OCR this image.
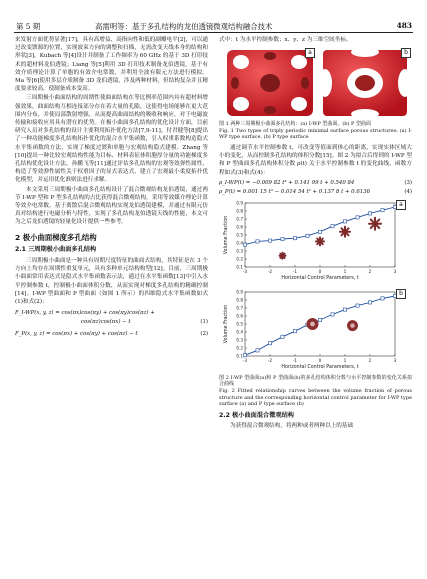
第 5 期	高需明等：基于多孔结构的龙伯透镜微观结构融合技术	483

来发射方面优势显著[17]，具有高增益、高指向性和低的副瓣电平[2]，可以通过改变馈源的位置，实现波束方向的调整和扫描，无需改变天线本身的结构和形状[3]。Kubach 等[4]设计并制备了工作频率为 60 GHz 的基于 3D 打印技术的超材料龙伯透镜；Liang 等[5]利用 3D 打印技术制备龙伯透镜，基于有效介质理论计算了单胞的有效介电常数，并利用全波有限元方法进行模拟。Ma 等[6]使用多层介质制备 3D 龙伯透镜，涉及两种材料，但结构复杂并且精度要求较高，使制备成本变高。

三周期极小曲面结构的周期性使曲面结构在等比例率范围内具有超材料增强效果，曲面结构互相连接部分存在着大量的孔隙，这使得电场能够在更大范围内分布，并使局部散射增强，从而提高曲面结构的吸收和响应，对于电磁波传输和接收应用具有潜在的优势。在极小曲面多孔结构的优化设计方面，目前研究人员对多孔结构的设计主要利用拓扑优化方法[7,9-11]。付君健等[8]提出了一种功能梯度多孔结构拓扑优化的混合水平集函数，引入权重系数构造隐式水平集函数的方法，实现了梯度过渡和单胞与宏观结构隐式建模。Zhang 等[10]提出一种比较宏观结构性能为目标、材料表征体积胞厚分量的功能梯度多孔结构优化设计方法，孙鹏飞等[11]通过评估多孔结构的宏观等效弹性属性，构造了等效弹性属性关于权重因子的显式表达式，建立了宏观最小柔度拓扑优化模型，并运用优化准则法进行求解。

本文采用三周期极小曲面多孔结构设计了混合微观结构龙伯透镜，通过两节 I-WP 型和 P 型多孔结构的占比获得混合微观结构，采用等效媒介理论计算等效介电常数，基于离散后混合微观结构实现龙伯透镜建模，并通过有限元仿真对结构进行电磁分析与特性，实现了多孔结构龙伯透镜天线的性能，本文可为之后龙伯透镜的轻量化设计提供一些参考。

2 极小曲面梯度多孔结构

2.1 三周期极小曲面多孔结构

三周期极小曲面是一种具有周期尺度特征的曲面式结构，其特征是在 3 个方向上均存在周期性重复单元，具有多种单元结构构型[12]。目前，三周期极小曲面常用表达式是隐式水平集函数表示法，通过在水平集函数[13]中引入水平控制参数 t，控制极小曲面体积分数，从而实现对梯度多孔结构的精确控制[14]。I-WP 型曲面和 P 型曲面（如图 1 所示）的四维隐式水平集函数如式(1)和式(2)：

F_I-WP(x, y, z) = cos(πx)cos(πy) + cos(πy)cos(πz) +
cos(πz)cos(πx) − t	(1)
F_P(x, y, z) = cos(πx) + cos(πy) + cos(πz) − t	(2)

式中：t 为水平控制参数；x、y、z 为三维空间坐标。

a	b

图 1 两种三周期极小曲面多孔结构：(a) I-WP 型曲面，(b) P 型曲面

Fig. 1 Two types of triply periodic minimal surface porous structures: (a) I-WP type surface, (b) P type surface

通过调节水平控制参数 t，可改变等值面到体心的距离，实现实体区域大小的变化，从而控制多孔结构的体积分数[15]。图 2 为拟合后得到的 I-WP 型和 P 型曲面多孔结构体积分数 ρ(t) 关于水平控制参数 t 的变化曲线，函数方程如式(3)和式(4)：

ρ_I-WP(t) = −0.009 82 t³ + 0.141 99 t + 0.540 84	(3)
ρ_P(t) = 0.001 15 t³ − 0.014 54 t² + 0.137 8 t + 0.6136	(4)
0.1
0.2
0.3
0.4
0.5
0.6
0.7
0.8
0.9
-3	-2	-1	0	1	2	3
Horizontal Control Parameters, t
Volume Fraction
0.1
0.2
0.3
0.4
0.5
0.6
0.7
0.8
0.9
-3	-2	-1	0	1	2	3
Horizontal Control Parameters, t
Volume Fraction
a
b

图 2 I-WP 型曲面(a)和 P 型曲面(b)的多孔结构体积分数与水平控制参数的变化关系拟合曲线

Fig. 2 Fitted relationship curves between the volume fraction of porous structure and the corresponding horizontal control parameter for I-WP type surface (a) and P type surface (b)

2.2 极小曲面混合微观结构

为获得混合微观结构，将两种或者两种以上的基础
